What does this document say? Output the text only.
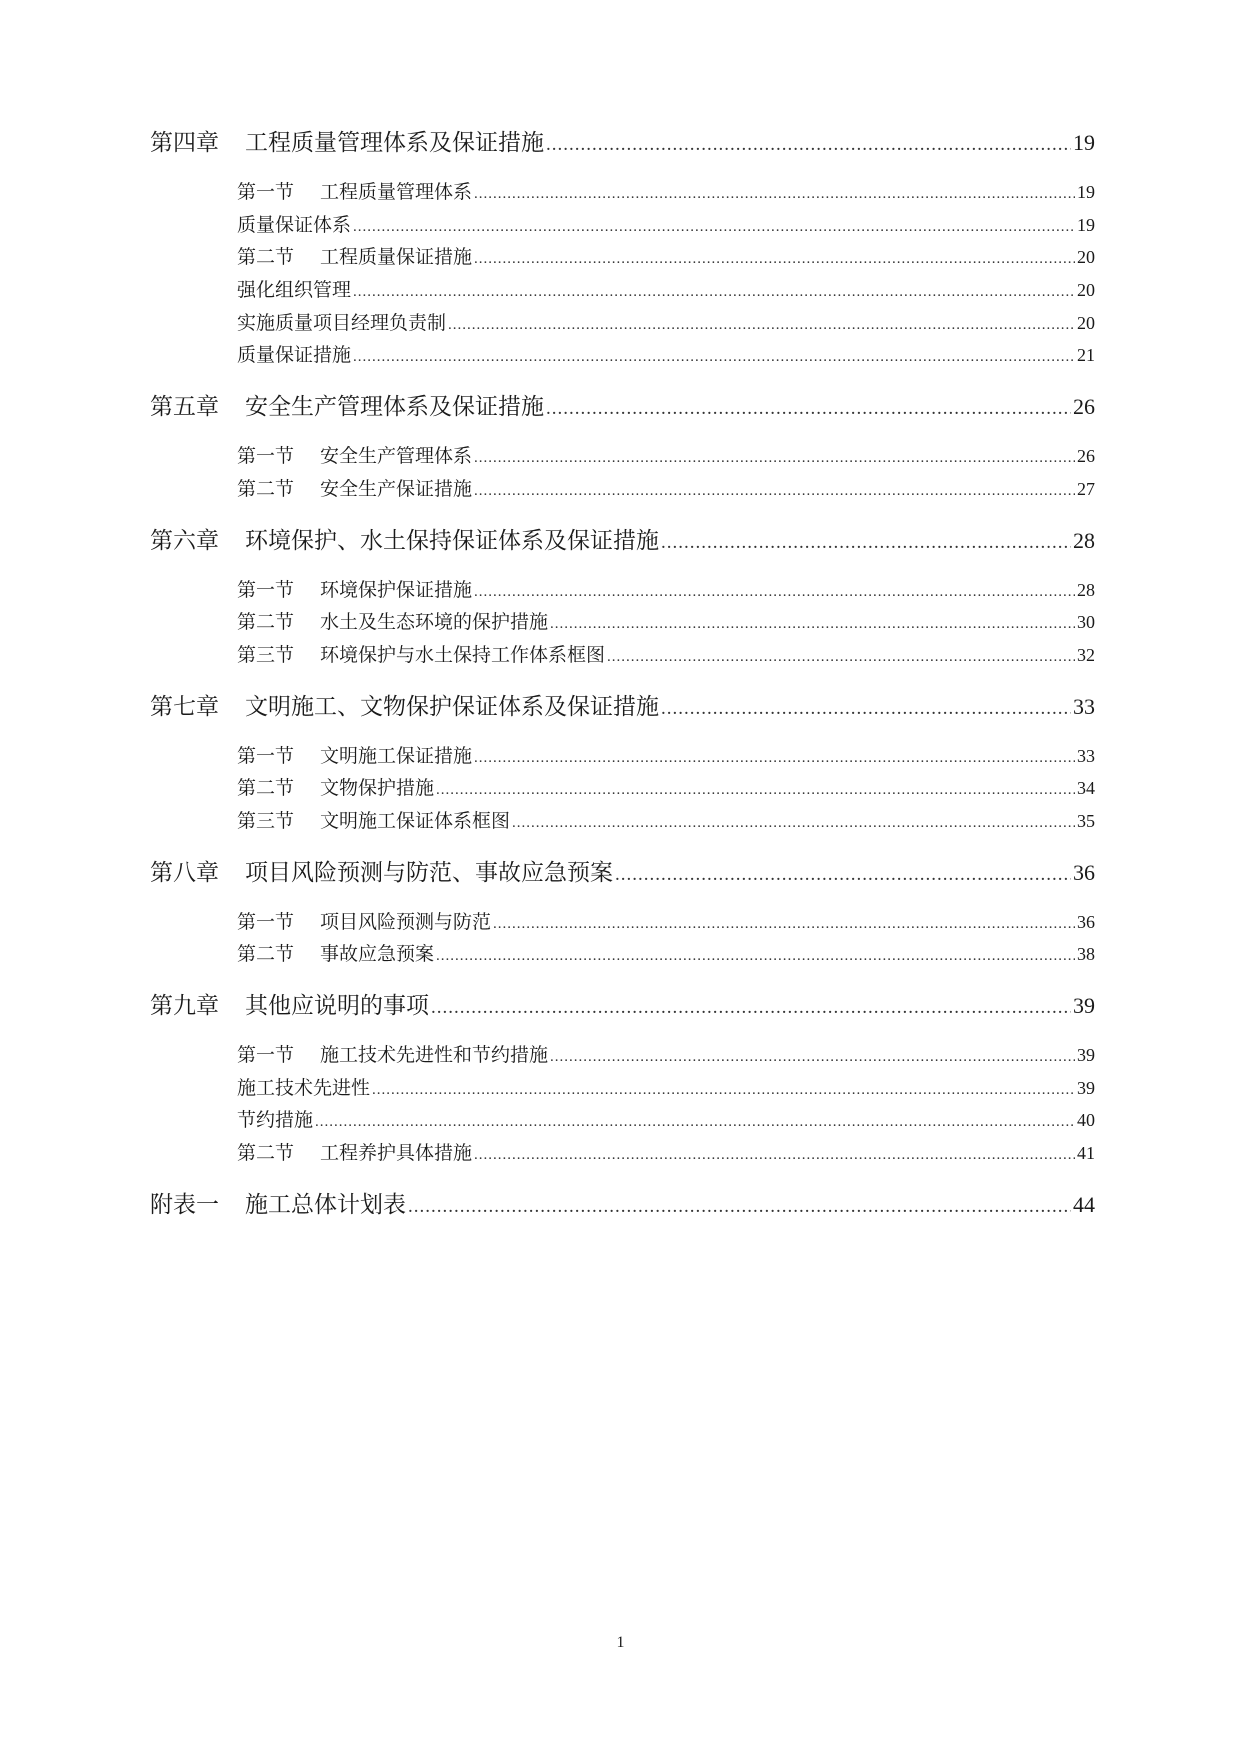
第四章 工程质量管理体系及保证措施 .....	19
第一节 工程质量管理体系 .....	19
质量保证体系 .....	19
第二节 工程质量保证措施 .....	20
强化组织管理 .....	20
实施质量项目经理负责制 .....	20
质量保证措施 .....	21
第五章 安全生产管理体系及保证措施 .....	26
第一节 安全生产管理体系 .....	26
第二节 安全生产保证措施 .....	27
第六章 环境保护、水土保持保证体系及保证措施 .....	28
第一节 环境保护保证措施 .....	28
第二节 水土及生态环境的保护措施 .....	30
第三节 环境保护与水土保持工作体系框图 .....	32
第七章 文明施工、文物保护保证体系及保证措施 .....	33
第一节 文明施工保证措施 .....	33
第二节 文物保护措施 .....	34
第三节 文明施工保证体系框图 .....	35
第八章 项目风险预测与防范、事故应急预案 .....	36
第一节 项目风险预测与防范 .....	36
第二节 事故应急预案 .....	38
第九章 其他应说明的事项 .....	39
第一节 施工技术先进性和节约措施 .....	39
施工技术先进性 .....	39
节约措施 .....	40
第二节 工程养护具体措施 .....	41
附表一 施工总体计划表 .....	44
1
